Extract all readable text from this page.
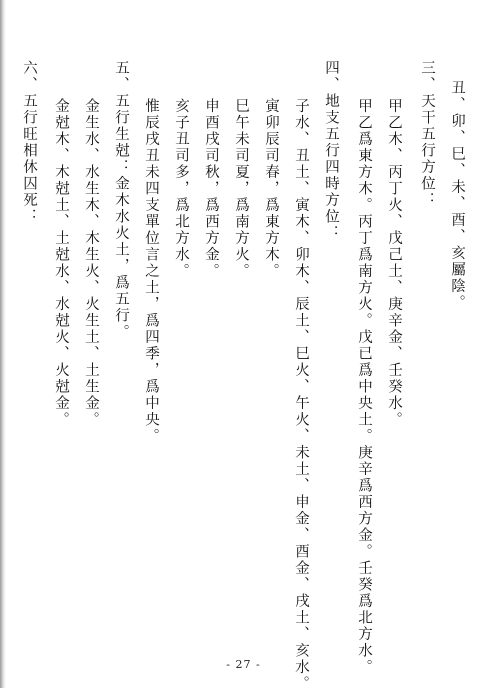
丑、卯、巳、未、酉、亥屬陰。
三、天干五行方位：
甲乙木、丙丁火、戊己土、庚辛金、壬癸水。
甲乙爲東方木。丙丁爲南方火。戊已爲中央土。庚辛爲西方金。壬癸爲北方水。
四、地支五行四時方位：
子水、丑土、寅木、卯木、辰土、巳火、午火、未土、申金、酉金、戌土、亥水。
寅卯辰司春，爲東方木。
巳午未司夏，爲南方火。
申酉戌司秋，爲西方金。
亥子丑司多，爲北方水。
惟辰戌丑未四支單位言之土，爲四季，爲中央。
五、五行生尅：金木水火土，爲五行。
金生水、水生木、木生火、火生土、土生金。
金尅木、木尅土、土尅水、水尅火、火尅金。
六、五行旺相休囚死：
- 27 -
